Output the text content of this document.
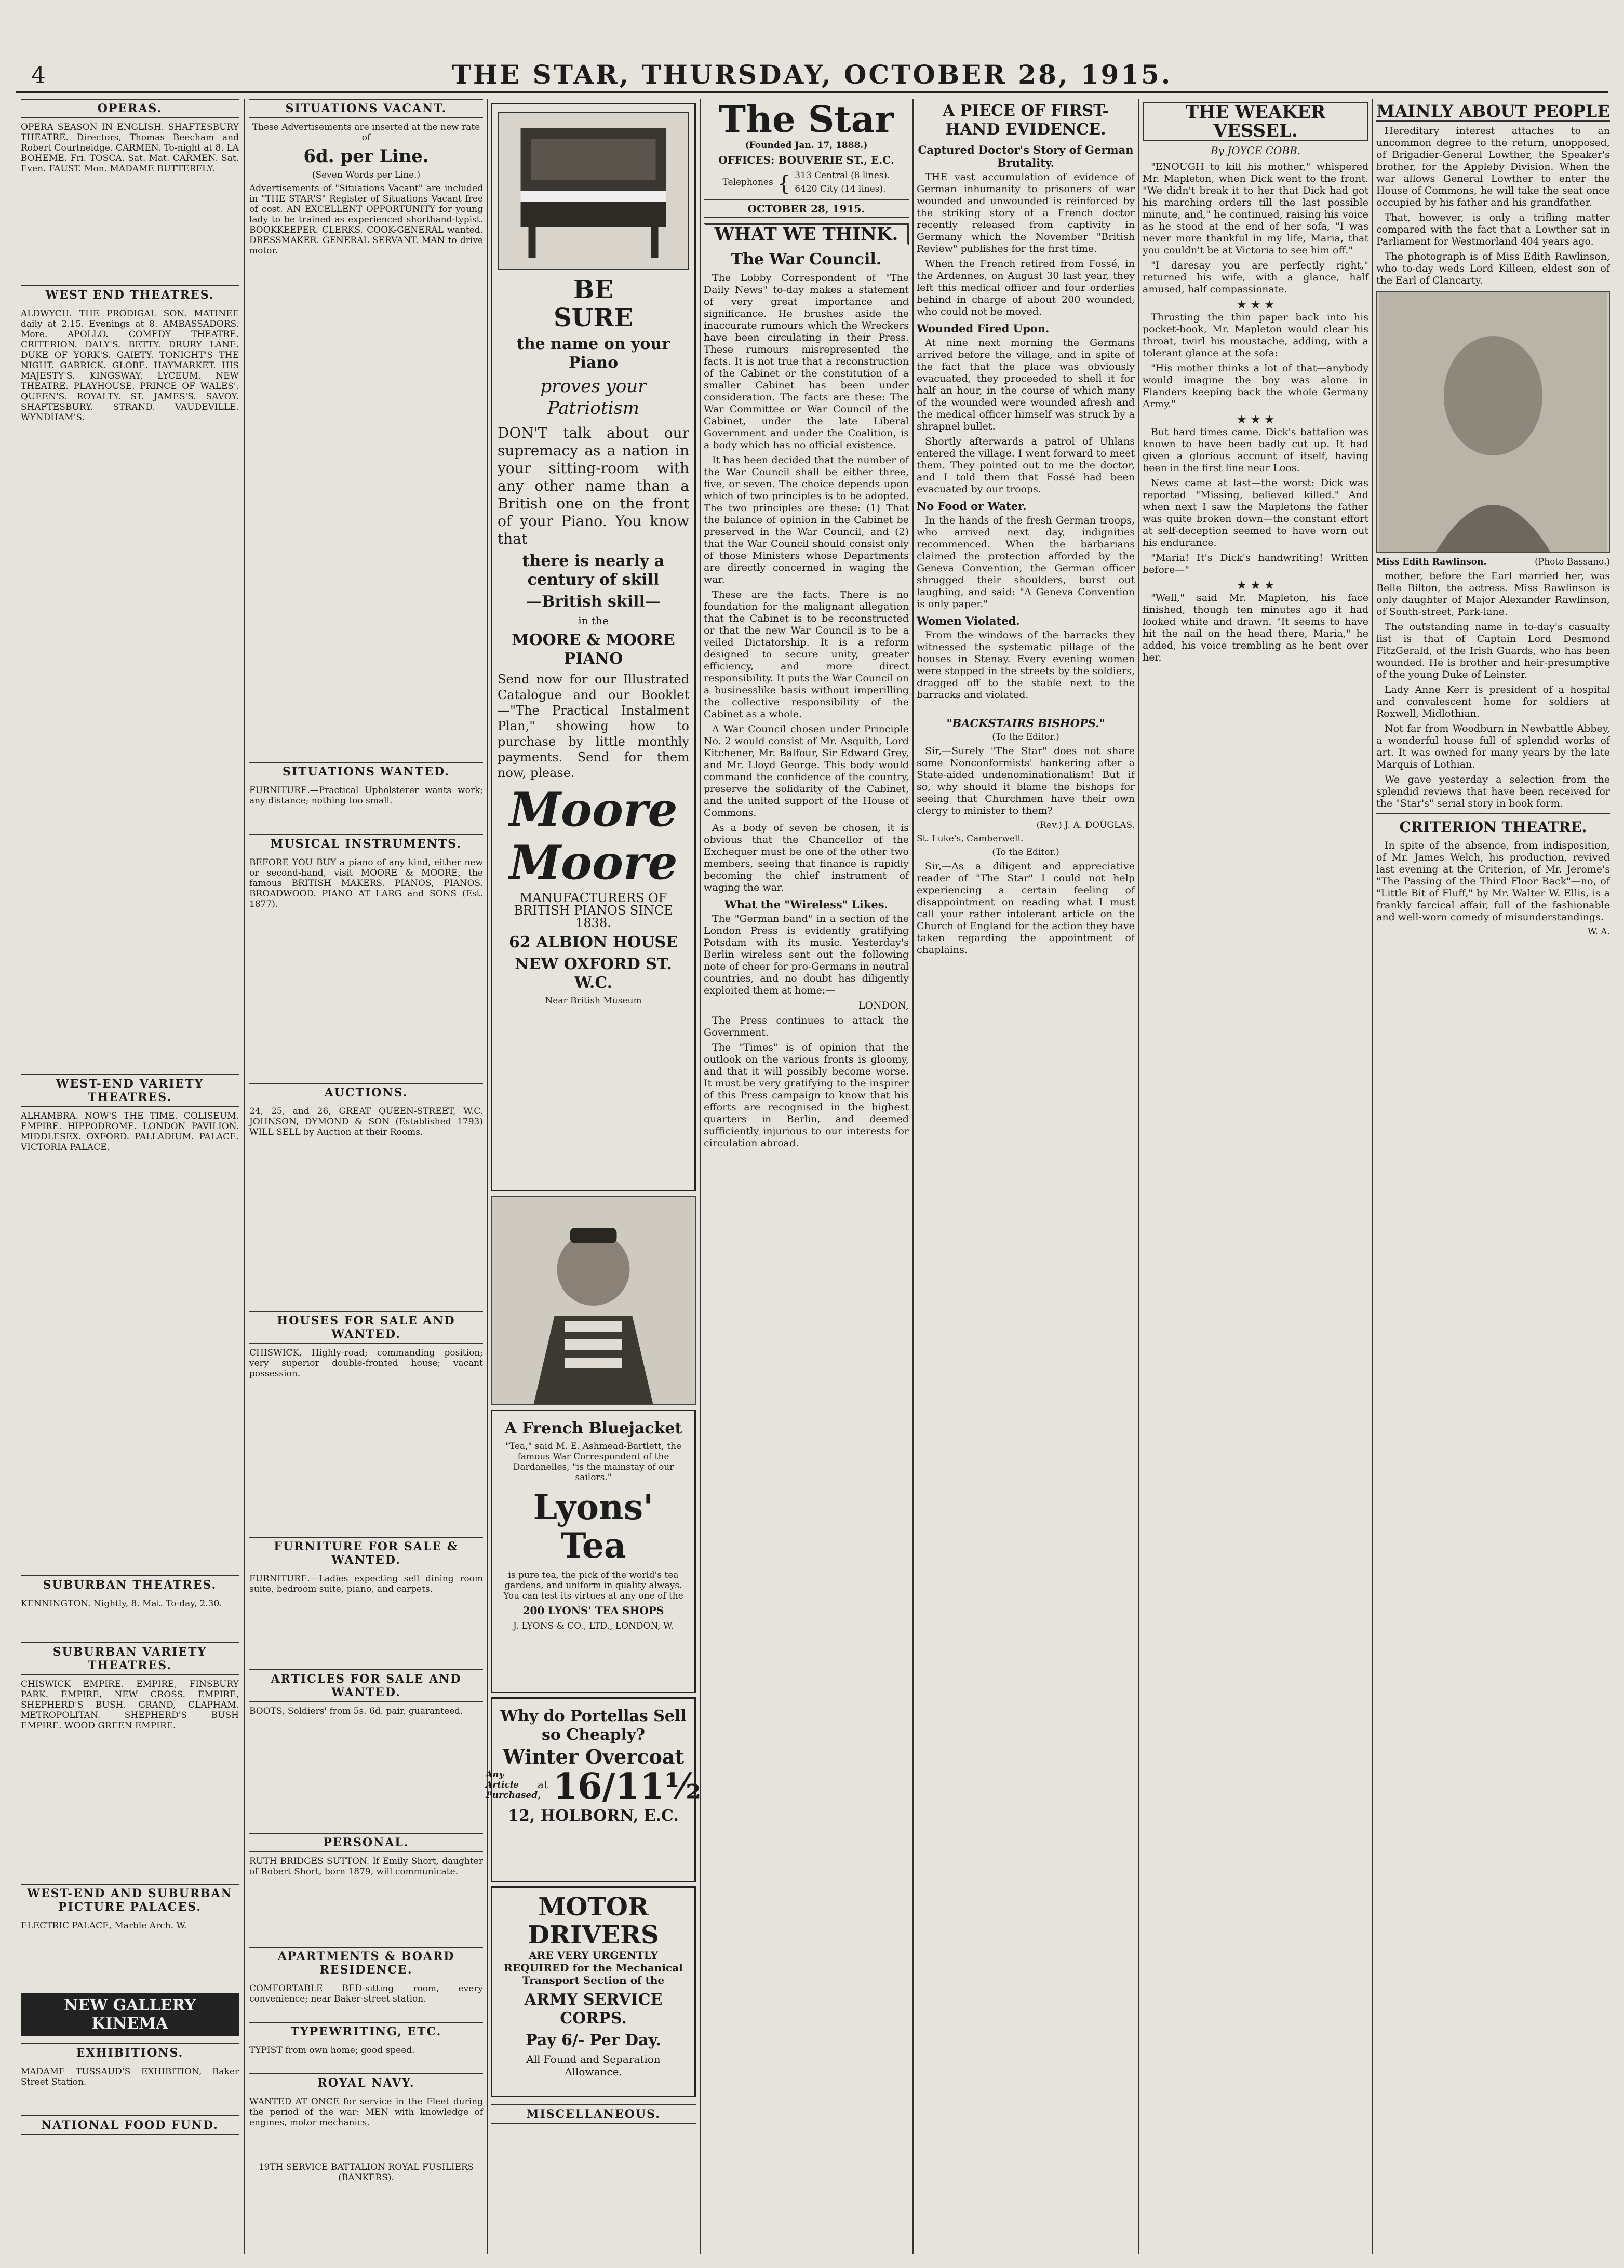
4	THE STAR, THURSDAY, OCTOBER 28, 1915.
OPERAS.

OPERA SEASON IN ENGLISH. SHAFTESBURY THEATRE. Directors, Thomas Beecham and Robert Courtneidge. CARMEN. To-night at 8. LA BOHEME. Fri. TOSCA. Sat. Mat. CARMEN. Sat. Even. FAUST. Mon. MADAME BUTTERFLY.

WEST END THEATRES.

ALDWYCH. THE PRODIGAL SON. MATINEE daily at 2.15. Evenings at 8. AMBASSADORS. More. APOLLO. COMEDY THEATRE. CRITERION. DALY'S. BETTY. DRURY LANE. DUKE OF YORK'S. GAIETY. TONIGHT'S THE NIGHT. GARRICK. GLOBE. HAYMARKET. HIS MAJESTY'S. KINGSWAY. LYCEUM. NEW THEATRE. PLAYHOUSE. PRINCE OF WALES'. QUEEN'S. ROYALTY. ST. JAMES'S. SAVOY. SHAFTESBURY. STRAND. VAUDEVILLE. WYNDHAM'S.

WEST-END VARIETY THEATRES.

ALHAMBRA. NOW'S THE TIME. COLISEUM. EMPIRE. HIPPODROME. LONDON PAVILION. MIDDLESEX. OXFORD. PALLADIUM. PALACE. VICTORIA PALACE.

SUBURBAN THEATRES.

KENNINGTON. Nightly, 8. Mat. To-day, 2.30.

SUBURBAN VARIETY THEATRES.

CHISWICK EMPIRE. EMPIRE, FINSBURY PARK. EMPIRE, NEW CROSS. EMPIRE, SHEPHERD'S BUSH. GRAND, CLAPHAM. METROPOLITAN. SHEPHERD'S BUSH EMPIRE. WOOD GREEN EMPIRE.

WEST-END AND SUBURBAN PICTURE PALACES.

ELECTRIC PALACE, Marble Arch. W.

NEW GALLERY KINEMA
EXHIBITIONS.

MADAME TUSSAUD'S EXHIBITION, Baker Street Station.

NATIONAL FOOD FUND.
SITUATIONS VACANT.

These Advertisements are inserted at the new rate of

6d. per Line.

(Seven Words per Line.)

Advertisements of "Situations Vacant" are included in "THE STAR'S" Register of Situations Vacant free of cost. AN EXCELLENT OPPORTUNITY for young lady to be trained as experienced shorthand-typist. BOOKKEEPER. CLERKS. COOK-GENERAL wanted. DRESSMAKER. GENERAL SERVANT. MAN to drive motor.

SITUATIONS WANTED.

FURNITURE.—Practical Upholsterer wants work; any distance; nothing too small.

MUSICAL INSTRUMENTS.

BEFORE YOU BUY a piano of any kind, either new or second-hand, visit MOORE & MOORE, the famous BRITISH MAKERS. PIANOS, PIANOS. BROADWOOD. PIANO AT LARG and SONS (Est. 1877).

AUCTIONS.

24, 25, and 26, GREAT QUEEN-STREET, W.C. JOHNSON, DYMOND & SON (Established 1793) WILL SELL by Auction at their Rooms.

HOUSES FOR SALE AND WANTED.

CHISWICK, Highly-road; commanding position; very superior double-fronted house; vacant possession.

FURNITURE FOR SALE & WANTED.

FURNITURE.—Ladies expecting sell dining room suite, bedroom suite, piano, and carpets.

ARTICLES FOR SALE AND WANTED.

BOOTS, Soldiers' from 5s. 6d. pair, guaranteed.

PERSONAL.

RUTH BRIDGES SUTTON. If Emily Short, daughter of Robert Short, born 1879, will communicate.

APARTMENTS & BOARD RESIDENCE.

COMFORTABLE BED-sitting room, every convenience; near Baker-street station.

TYPEWRITING, ETC.

TYPIST from own home; good speed.

ROYAL NAVY.

WANTED AT ONCE for service in the Fleet during the period of the war: MEN with knowledge of engines, motor mechanics.

19TH SERVICE BATTALION ROYAL FUSILIERS (BANKERS).

BE
SURE
the name on your Piano
proves your Patriotism

DON'T talk about our supremacy as a nation in your sitting-room with any other name than a British one on the front of your Piano. You know that

there is nearly a century of skill
—British skill—
in the
MOORE & MOORE PIANO

Send now for our Illustrated Catalogue and our Booklet—"The Practical Instalment Plan," showing how to purchase by little monthly payments. Send for them now, please.

Moore
Moore
MANUFACTURERS OF BRITISH PIANOS SINCE 1838.
62 ALBION HOUSE
NEW OXFORD ST. W.C.
Near British Museum
A French Bluejacket

"Tea," said M. E. Ashmead-Bartlett, the famous War Correspondent of the Dardanelles, "is the mainstay of our sailors."

Lyons' Tea

is pure tea, the pick of the world's tea gardens, and uniform in quality always. You can test its virtues at any one of the

200 LYONS' TEA SHOPS

J. LYONS & CO., LTD., LONDON, W.

Why do Portellas Sell so Cheaply?
Winter Overcoat
Any Article Purchased,
at 16/11½
12, HOLBORN, E.C.
MOTOR DRIVERS

ARE VERY URGENTLY REQUIRED for the Mechanical Transport Section of the

ARMY SERVICE CORPS.
Pay 6/- Per Day.

All Found and Separation Allowance.

MISCELLANEOUS.
The Star
(Founded Jan. 17, 1888.)
OFFICES: BOUVERIE ST., E.C.
Telephones { 313 Central (8 lines).
6420 City (14 lines).
OCTOBER 28, 1915.
WHAT WE THINK.
The War Council.

The Lobby Correspondent of "The Daily News" to-day makes a statement of very great importance and significance. He brushes aside the inaccurate rumours which the Wreckers have been circulating in their Press. These rumours misrepresented the facts. It is not true that a reconstruction of the Cabinet or the constitution of a smaller Cabinet has been under consideration. The facts are these: The War Committee or War Council of the Cabinet, under the late Liberal Government and under the Coalition, is a body which has no official existence.

It has been decided that the number of the War Council shall be either three, five, or seven. The choice depends upon which of two principles is to be adopted. The two principles are these: (1) That the balance of opinion in the Cabinet be preserved in the War Council, and (2) that the War Council should consist only of those Ministers whose Departments are directly concerned in waging the war.

These are the facts. There is no foundation for the malignant allegation that the Cabinet is to be reconstructed or that the new War Council is to be a veiled Dictatorship. It is a reform designed to secure unity, greater efficiency, and more direct responsibility. It puts the War Council on a businesslike basis without imperilling the collective responsibility of the Cabinet as a whole.

A War Council chosen under Principle No. 2 would consist of Mr. Asquith, Lord Kitchener, Mr. Balfour, Sir Edward Grey, and Mr. Lloyd George. This body would command the confidence of the country, preserve the solidarity of the Cabinet, and the united support of the House of Commons.

As a body of seven be chosen, it is obvious that the Chancellor of the Exchequer must be one of the other two members, seeing that finance is rapidly becoming the chief instrument of waging the war.

What the "Wireless" Likes.

The "German band" in a section of the London Press is evidently gratifying Potsdam with its music. Yesterday's Berlin wireless sent out the following note of cheer for pro-Germans in neutral countries, and no doubt has diligently exploited them at home:—

LONDON,

The Press continues to attack the Government.

The "Times" is of opinion that the outlook on the various fronts is gloomy, and that it will possibly become worse. It must be very gratifying to the inspirer of this Press campaign to know that his efforts are recognised in the highest quarters in Berlin, and deemed sufficiently injurious to our interests for circulation abroad.

A PIECE OF FIRST-HAND EVIDENCE.
Captured Doctor's Story of German Brutality.

THE vast accumulation of evidence of German inhumanity to prisoners of war wounded and unwounded is reinforced by the striking story of a French doctor recently released from captivity in Germany which the November "British Review" publishes for the first time.

When the French retired from Fossé, in the Ardennes, on August 30 last year, they left this medical officer and four orderlies behind in charge of about 200 wounded, who could not be moved.

Wounded Fired Upon.

At nine next morning the Germans arrived before the village, and in spite of the fact that the place was obviously evacuated, they proceeded to shell it for half an hour, in the course of which many of the wounded were wounded afresh and the medical officer himself was struck by a shrapnel bullet.

Shortly afterwards a patrol of Uhlans entered the village. I went forward to meet them. They pointed out to me the doctor, and I told them that Fossé had been evacuated by our troops.

No Food or Water.

In the hands of the fresh German troops, who arrived next day, indignities recommenced. When the barbarians claimed the protection afforded by the Geneva Convention, the German officer shrugged their shoulders, burst out laughing, and said: "A Geneva Convention is only paper."

Women Violated.

From the windows of the barracks they witnessed the systematic pillage of the houses in Stenay. Every evening women were stopped in the streets by the soldiers, dragged off to the stable next to the barracks and violated.

"BACKSTAIRS BISHOPS."
(To the Editor.)

Sir,—Surely "The Star" does not share some Nonconformists' hankering after a State-aided undenominationalism! But if so, why should it blame the bishops for seeing that Churchmen have their own clergy to minister to them?

(Rev.) J. A. DOUGLAS.

St. Luke's, Camberwell.

(To the Editor.)

Sir,—As a diligent and appreciative reader of "The Star" I could not help experiencing a certain feeling of disappointment on reading what I must call your rather intolerant article on the Church of England for the action they have taken regarding the appointment of chaplains.

THE WEAKER VESSEL.
By JOYCE COBB.

"ENOUGH to kill his mother," whispered Mr. Mapleton, when Dick went to the front. "We didn't break it to her that Dick had got his marching orders till the last possible minute, and," he continued, raising his voice as he stood at the end of her sofa, "I was never more thankful in my life, Maria, that you couldn't be at Victoria to see him off."

"I daresay you are perfectly right," returned his wife, with a glance, half amused, half compassionate.

★ ★ ★

Thrusting the thin paper back into his pocket-book, Mr. Mapleton would clear his throat, twirl his moustache, adding, with a tolerant glance at the sofa:

"His mother thinks a lot of that—anybody would imagine the boy was alone in Flanders keeping back the whole Germany Army."

★ ★ ★

But hard times came. Dick's battalion was known to have been badly cut up. It had given a glorious account of itself, having been in the first line near Loos.

News came at last—the worst: Dick was reported "Missing, believed killed." And when next I saw the Mapletons the father was quite broken down—the constant effort at self-deception seemed to have worn out his endurance.

"Maria! It's Dick's handwriting! Written before—"

★ ★ ★

"Well," said Mr. Mapleton, his face finished, though ten minutes ago it had looked white and drawn. "It seems to have hit the nail on the head there, Maria," he added, his voice trembling as he bent over her.

MAINLY ABOUT PEOPLE

Hereditary interest attaches to an uncommon degree to the return, unopposed, of Brigadier-General Lowther, the Speaker's brother, for the Appleby Division. When the war allows General Lowther to enter the House of Commons, he will take the seat once occupied by his father and his grandfather.

That, however, is only a trifling matter compared with the fact that a Lowther sat in Parliament for Westmorland 404 years ago.

The photograph is of Miss Edith Rawlinson, who to-day weds Lord Killeen, eldest son of the Earl of Clancarty.

Miss Edith Rawlinson.	(Photo Bassano.)

mother, before the Earl married her, was Belle Bilton, the actress. Miss Rawlinson is only daughter of Major Alexander Rawlinson, of South-street, Park-lane.

The outstanding name in to-day's casualty list is that of Captain Lord Desmond FitzGerald, of the Irish Guards, who has been wounded. He is brother and heir-presumptive of the young Duke of Leinster.

Lady Anne Kerr is president of a hospital and convalescent home for soldiers at Roxwell, Midlothian.

Not far from Woodburn in Newbattle Abbey, a wonderful house full of splendid works of art. It was owned for many years by the late Marquis of Lothian.

We gave yesterday a selection from the splendid reviews that have been received for the "Star's" serial story in book form.

CRITERION THEATRE.

In spite of the absence, from indisposition, of Mr. James Welch, his production, revived last evening at the Criterion, of Mr. Jerome's "The Passing of the Third Floor Back"—no, of "Little Bit of Fluff," by Mr. Walter W. Ellis, is a frankly farcical affair, full of the fashionable and well-worn comedy of misunderstandings.

W. A.
